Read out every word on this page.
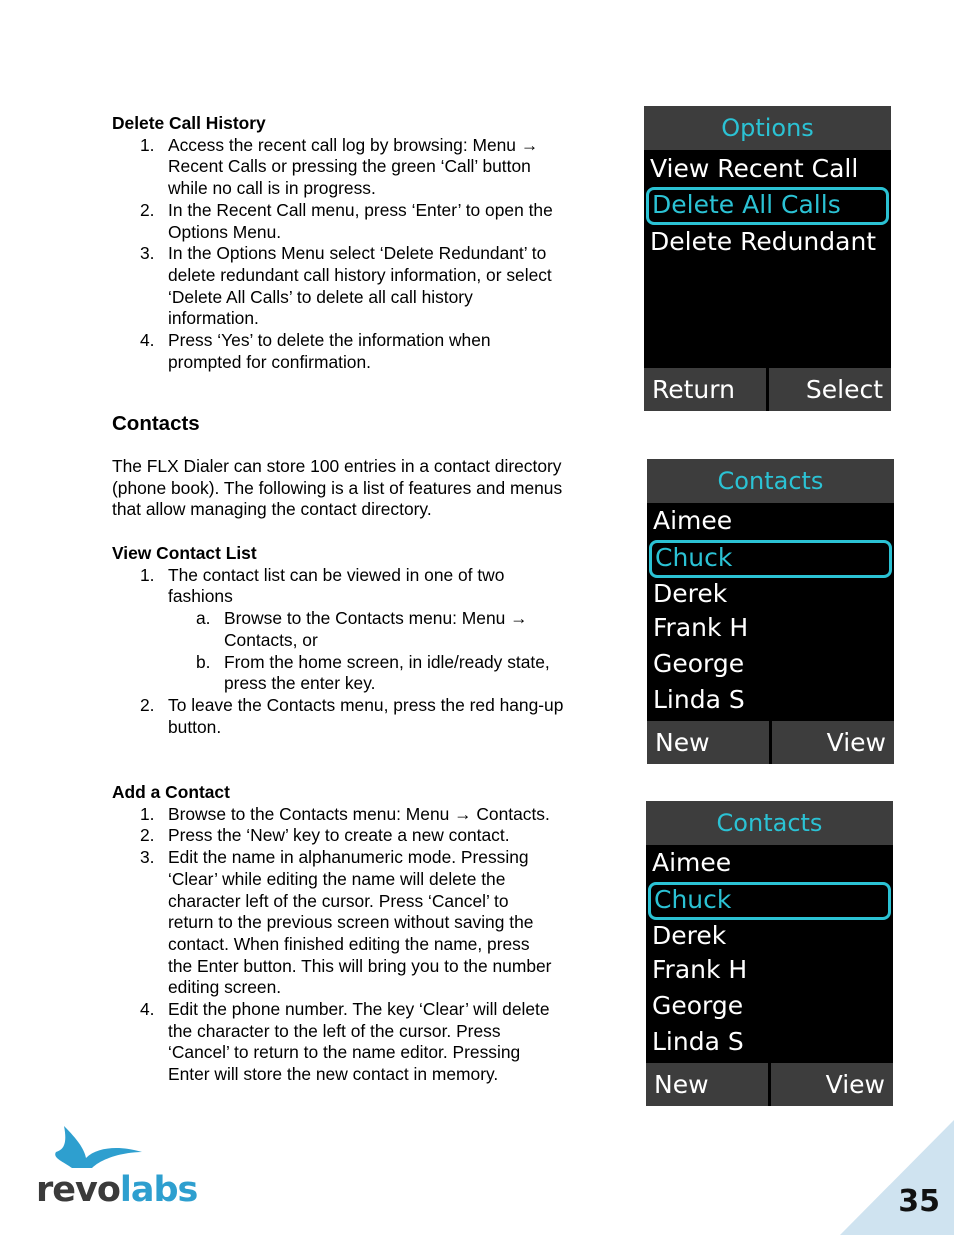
Delete Call History
1. Access the recent call log by browsing: Menu →
Recent Calls or pressing the green ‘Call’ button
while no call is in progress.
2. In the Recent Call menu, press ‘Enter’ to open the
Options Menu.
3. In the Options Menu select ‘Delete Redundant’ to
delete redundant call history information, or select
‘Delete All Calls’ to delete all call history
information.
4. Press ‘Yes’ to delete the information when
prompted for confirmation.
Contacts

The FLX Dialer can store 100 entries in a contact directory
(phone book). The following is a list of features and menus
that allow managing the contact directory.

View Contact List
1. The contact list can be viewed in one of two
fashions
a. Browse to the Contacts menu: Menu →
Contacts, or
b. From the home screen, in idle/ready state,
press the enter key.
2. To leave the Contacts menu, press the red hang-up
button.
Add a Contact
1. Browse to the Contacts menu: Menu → Contacts.
2. Press the ‘New’ key to create a new contact.
3. Edit the name in alphanumeric mode. Pressing
‘Clear’ while editing the name will delete the
character left of the cursor. Press ‘Cancel’ to
return to the previous screen without saving the
contact. When finished editing the name, press
the Enter button. This will bring you to the number
editing screen.
4. Edit the phone number. The key ‘Clear’ will delete
the character to the left of the cursor. Press
‘Cancel’ to return to the name editor. Pressing
Enter will store the new contact in memory.
Options
View Recent Call
Delete All Calls
Delete Redundant
Return	Select
Contacts
Aimee
Chuck
Derek
Frank H
George
Linda S
New	View
Contacts
Aimee
Chuck
Derek
Frank H
George
Linda S
New	View
revolabs	35
